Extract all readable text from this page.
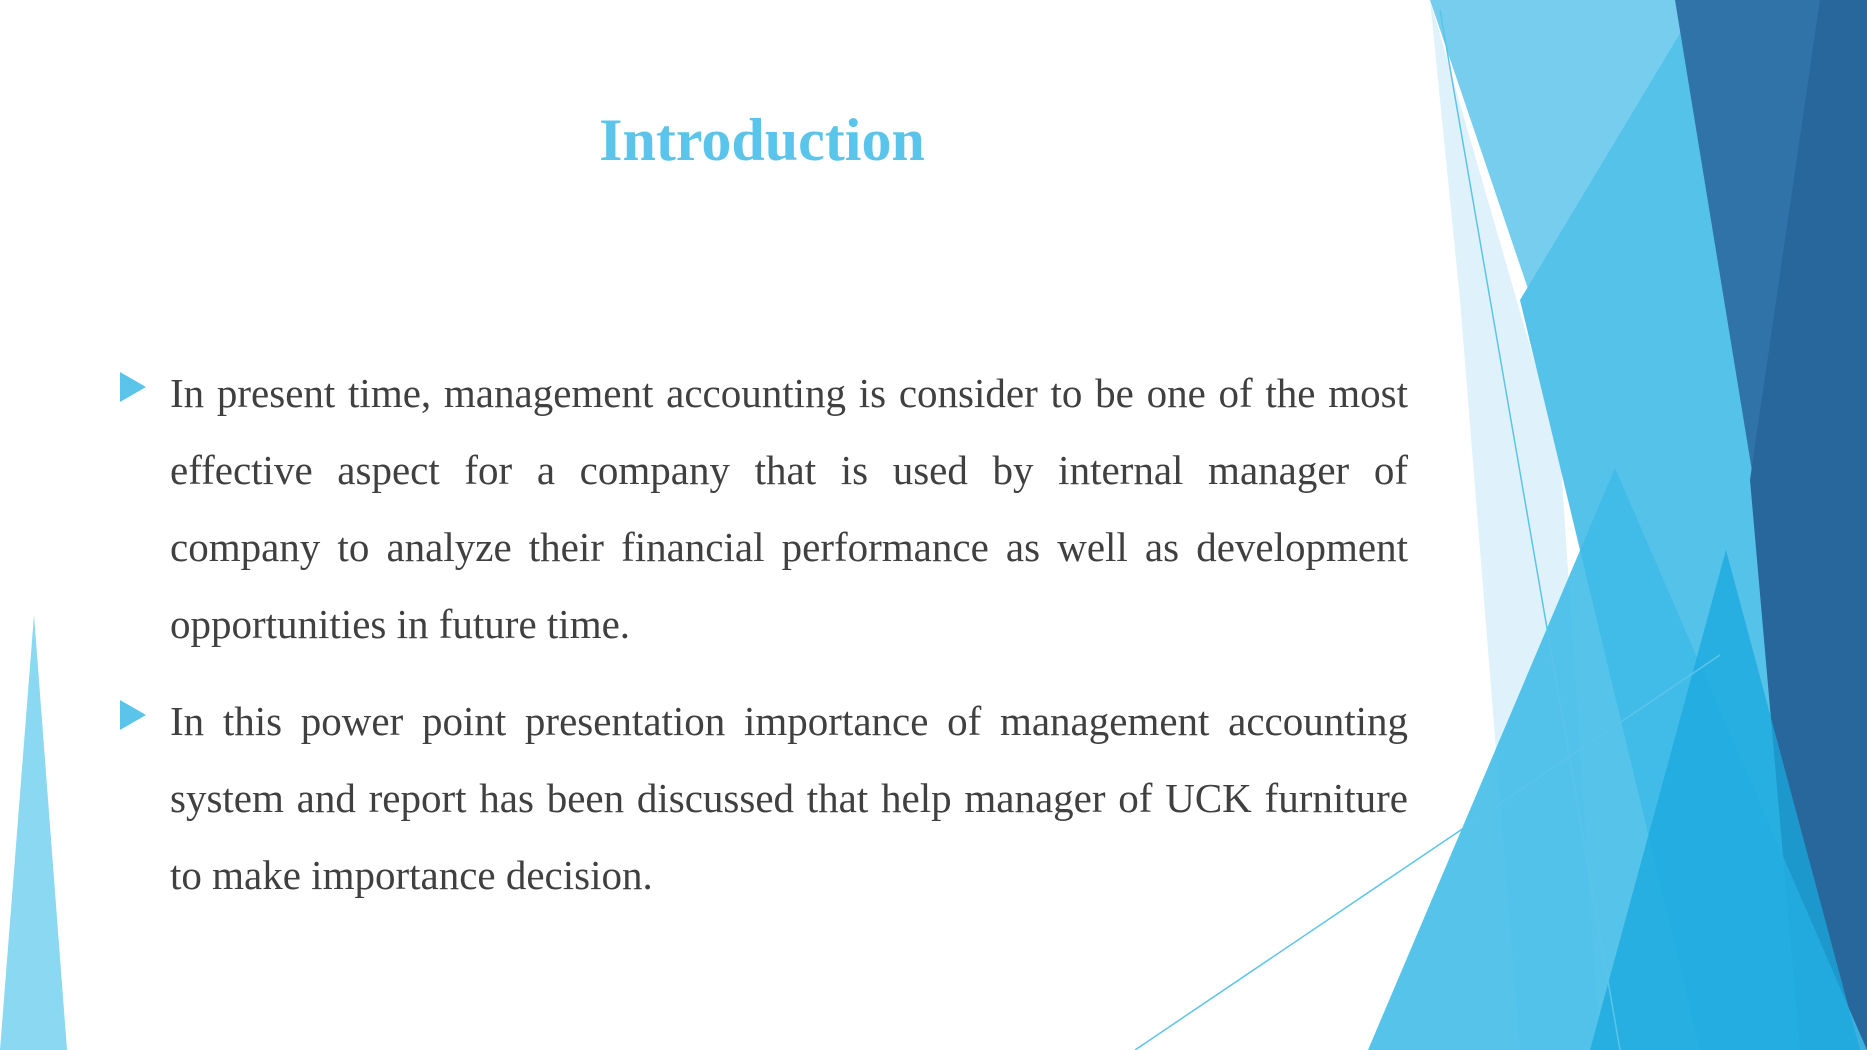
Introduction
In present time, management accounting is consider to be one of the most effective aspect for a company that is used by internal manager of company to analyze their financial performance as well as development opportunities in future time.
In this power point presentation importance of management accounting system and report has been discussed that help manager of UCK furniture to make importance decision.
